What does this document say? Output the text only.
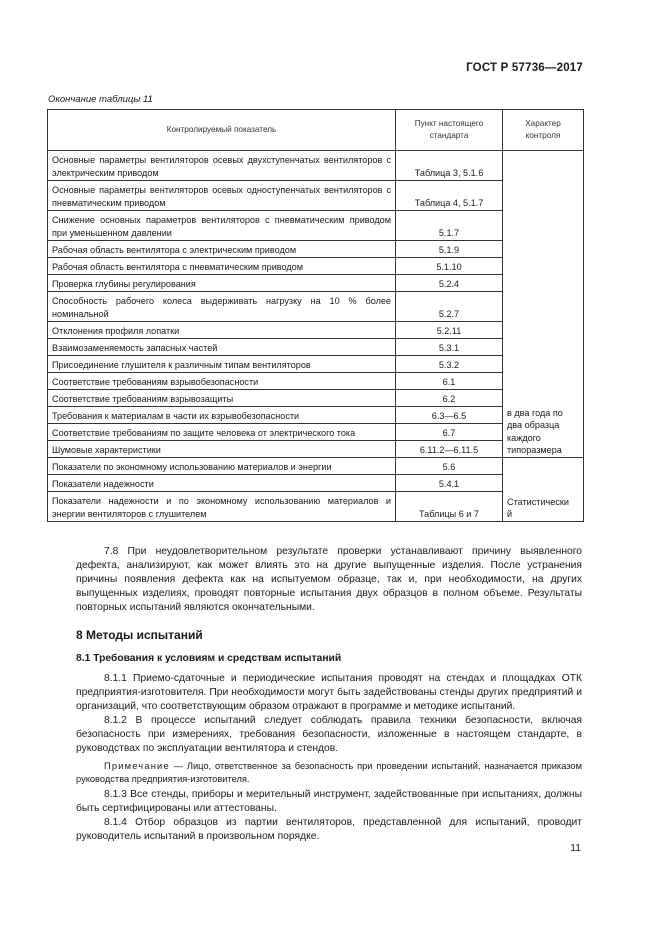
ГОСТ Р 57736—2017
Окончание таблицы 11
Контролируемый показатель	Пункт настоящего стандарта	Характер контроля
Основные параметры вентиляторов осевых двухступенчатых вентиляторов с электрическим приводом	Таблица 3, 5.1.6	в два года по два образца каждого типоразмера
Основные параметры вентиляторов осевых одноступенчатых вентиляторов с пневматическим приводом	Таблица 4, 5.1.7	
Снижение основных параметров вентиляторов с пневматическим приводом при уменьшенном давлении	5.1.7	
Рабочая область вентилятора с электрическим приводом	5.1.9	
Рабочая область вентилятора с пневматическим приводом	5.1.10	
Проверка глубины регулирования	5.2.4	
Способность рабочего колеса выдерживать нагрузку на 10 % более номинальной	5.2.7	
Отклонения профиля лопатки	5.2.11	
Взаимозаменяемость запасных частей	5.3.1	
Присоединение глушителя к различным типам вентиляторов	5.3.2	
Соответствие требованиям взрывобезопасности	6.1	
Соответствие требованиям взрывозащиты	6.2	
Требования к материалам в части их взрывобезопасности	6.3—6.5	
Соответствие требованиям по защите человека от электрического тока	6.7	
Шумовые характеристики	6.11.2—6.11.5	
Показатели по экономному использованию материалов и энергии	5.6	Статистический
Показатели надежности	5.4.1	
Показатели надежности и по экономному использованию материалов и энергии вентиляторов с глушителем	Таблицы 6 и 7	

7.8 При неудовлетворительном результате проверки устанавливают причину выявленного дефекта, анализируют, как может влиять это на другие выпущенные изделия. После устранения причины появления дефекта как на испытуемом образце, так и, при необходимости, на других выпущенных изделиях, проводят повторные испытания двух образцов в полном объеме. Результаты повторных испытаний являются окончательными.

8 Методы испытаний
8.1 Требования к условиям и средствам испытаний

8.1.1 Приемо-сдаточные и периодические испытания проводят на стендах и площадках ОТК предприятия-изготовителя. При необходимости могут быть задействованы стенды других предприятий и организаций, что соответствующим образом отражают в программе и методике испытаний.

8.1.2 В процессе испытаний следует соблюдать правила техники безопасности, включая безопасность при измерениях, требования безопасности, изложенные в настоящем стандарте, в руководствах по эксплуатации вентилятора и стендов.

Примечание — Лицо, ответственное за безопасность при проведении испытаний, назначается приказом руководства предприятия-изготовителя.

8.1.3 Все стенды, приборы и мерительный инструмент, задействованные при испытаниях, должны быть сертифицированы или аттестованы.

8.1.4 Отбор образцов из партии вентиляторов, представленной для испытаний, проводит руководитель испытаний в произвольном порядке.

11
